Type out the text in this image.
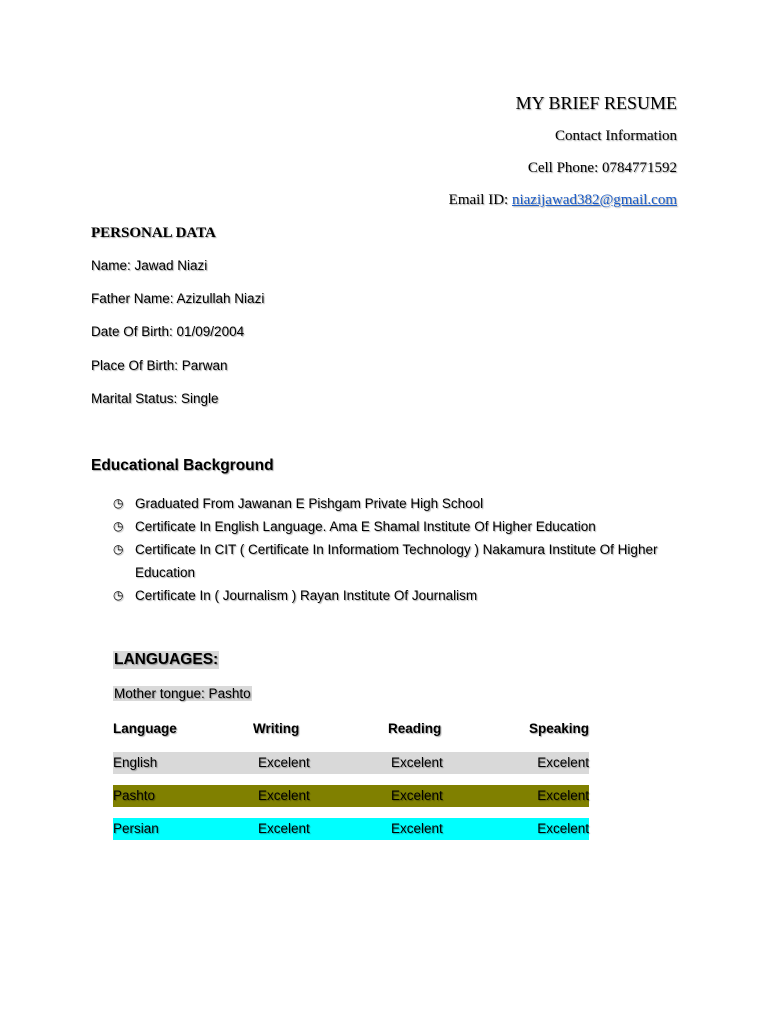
MY BRIEF RESUME
Contact Information
Cell Phone: 0784771592
Email ID: niazijawad382@gmail.com
PERSONAL DATA
Name: Jawad Niazi
Father Name: Azizullah Niazi
Date Of Birth: 01/09/2004
Place Of Birth: Parwan
Marital Status: Single
Educational Background
◷ Graduated From Jawanan E Pishgam Private High School
◷ Certificate In English Language. Ama E Shamal Institute Of Higher Education
◷ Certificate In CIT ( Certificate In Informatiom Technology ) Nakamura Institute Of Higher Education
◷ Certificate In ( Journalism ) Rayan Institute Of Journalism
LANGUAGES:
Mother tongue: Pashto
Language	Writing	Reading	Speaking
English	Excelent	Excelent	Excelent
Pashto	Excelent	Excelent	Excelent
Persian	Excelent	Excelent	Excelent
